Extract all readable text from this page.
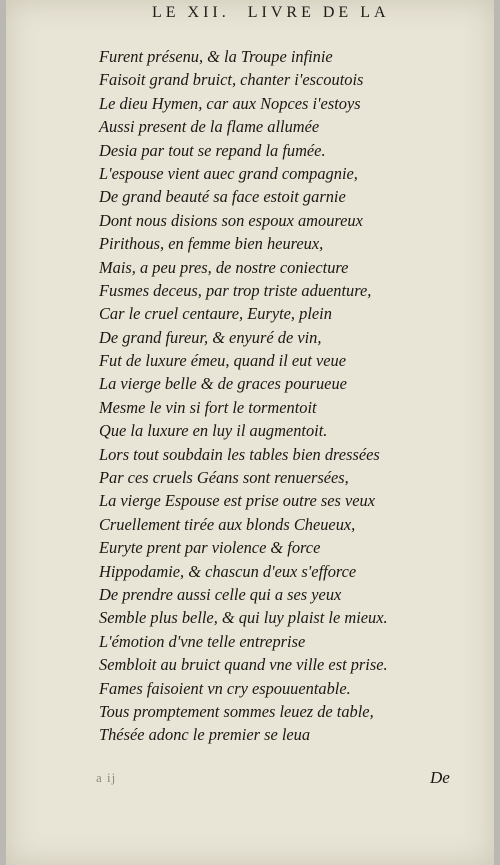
LE XII. LIVRE DE LA
Furent présenu, & la Troupe infinie
Faisoit grand bruict, chanter i'escoutois
Le dieu Hymen, car aux Nopces i'estoys
Aussi present de la flame allumée
Desia par tout se repand la fumée.
L'espouse vient auec grand compagnie,
De grand beauté sa face estoit garnie
Dont nous disions son espoux amoureux
Pirithous, en femme bien heureux,
Mais, a peu pres, de nostre coniecture
Fusmes deceus, par trop triste aduenture,
Car le cruel centaure, Euryte, plein
De grand fureur, & enyuré de vin,
Fut de luxure émeu, quand il eut veue
La vierge belle & de graces pourueue
Mesme le vin si fort le tormentoit
Que la luxure en luy il augmentoit.
Lors tout soubdain les tables bien dressées
Par ces cruels Géans sont renuersées,
La vierge Espouse est prise outre ses veux
Cruellement tirée aux blonds Cheueux,
Euryte prent par violence & force
Hippodamie, & chascun d'eux s'efforce
De prendre aussi celle qui a ses yeux
Semble plus belle, & qui luy plaist le mieux.
L'émotion d'vne telle entreprise
Sembloit au bruict quand vne ville est prise.
Fames faisoient vn cry espouuentable.
Tous promptement sommes leuez de table,
Thésée adonc le premier se leua
a ij	De
